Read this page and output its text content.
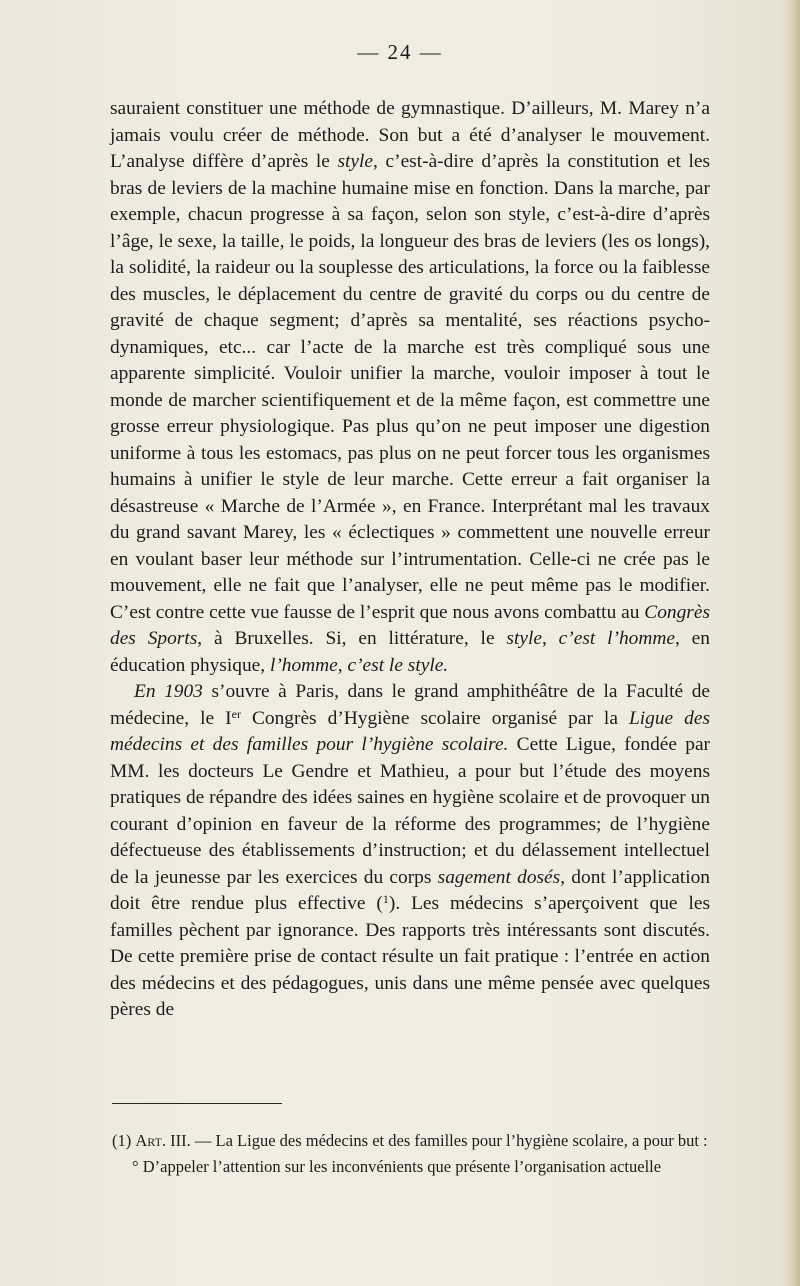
— 24 —

sauraient constituer une méthode de gymnastique. D’ailleurs, M. Marey n’a jamais voulu créer de méthode. Son but a été d’analyser le mouvement. L’analyse diffère d’après le style, c’est-à-dire d’après la constitution et les bras de leviers de la machine humaine mise en fonction. Dans la marche, par exemple, chacun progresse à sa façon, selon son style, c’est-à-dire d’après l’âge, le sexe, la taille, le poids, la longueur des bras de leviers (les os longs), la solidité, la raideur ou la souplesse des articulations, la force ou la faiblesse des muscles, le déplacement du centre de gravité du corps ou du centre de gravité de chaque segment; d’après sa mentalité, ses réactions psycho-dynamiques, etc... car l’acte de la marche est très compliqué sous une apparente simplicité. Vouloir unifier la marche, vouloir imposer à tout le monde de marcher scientifiquement et de la même façon, est commettre une grosse erreur physiologique. Pas plus qu’on ne peut imposer une digestion uniforme à tous les estomacs, pas plus on ne peut forcer tous les organismes humains à unifier le style de leur marche. Cette erreur a fait organiser la désastreuse « Marche de l’Armée », en France. Interprétant mal les travaux du grand savant Marey, les « éclectiques » commettent une nouvelle erreur en voulant baser leur méthode sur l’intrumentation. Celle-ci ne crée pas le mouvement, elle ne fait que l’analyser, elle ne peut même pas le modifier. C’est contre cette vue fausse de l’esprit que nous avons combattu au Congrès des Sports, à Bruxelles. Si, en littérature, le style, c’est l’homme, en éducation physique, l’homme, c’est le style.

En 1903 s’ouvre à Paris, dans le grand amphithéâtre de la Faculté de médecine, le Ier Congrès d’Hygiène scolaire organisé par la Ligue des médecins et des familles pour l’hygiène scolaire. Cette Ligue, fondée par MM. les docteurs Le Gendre et Mathieu, a pour but l’étude des moyens pratiques de répandre des idées saines en hygiène scolaire et de provoquer un courant d’opinion en faveur de la réforme des programmes; de l’hygiène défectueuse des établissements d’instruction; et du délassement intellectuel de la jeunesse par les exercices du corps sagement dosés, dont l’application doit être rendue plus effective ($^1$). Les médecins s’aperçoivent que les familles pèchent par ignorance. Des rapports très intéressants sont discutés. De cette première prise de contact résulte un fait pratique : l’entrée en action des médecins et des pédagogues, unis dans une même pensée avec quelques pères de

(1) Art. III. — La Ligue des médecins et des familles pour l’hygiène scolaire, a pour but :

° D’appeler l’attention sur les inconvénients que présente l’organisation actuelle
